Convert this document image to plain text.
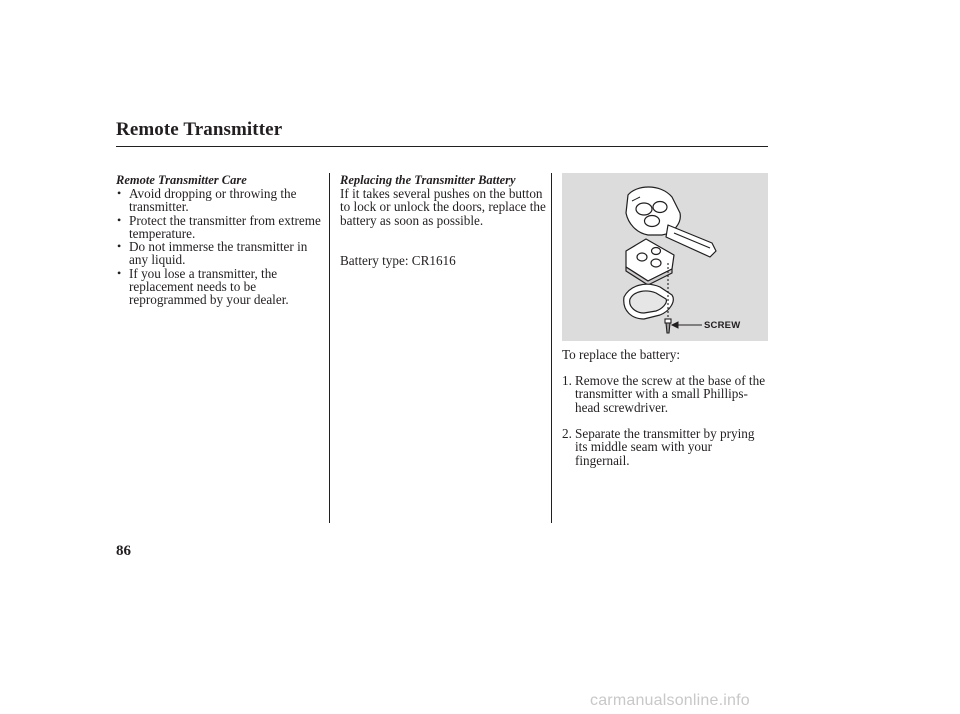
Remote Transmitter
Remote Transmitter Care
• Avoid dropping or throwing the transmitter.
• Protect the transmitter from extreme temperature.
• Do not immerse the transmitter in any liquid.
• If you lose a transmitter, the replacement needs to be reprogrammed by your dealer.
Replacing the Transmitter Battery
If it takes several pushes on the button to lock or unlock the doors, replace the battery as soon as possible.
Battery type: CR1616
SCREW
To replace the battery:
1. Remove the screw at the base of the transmitter with a small Phillips-head screwdriver.
2. Separate the transmitter by prying its middle seam with your fingernail.
86
carmanualsonline.info
